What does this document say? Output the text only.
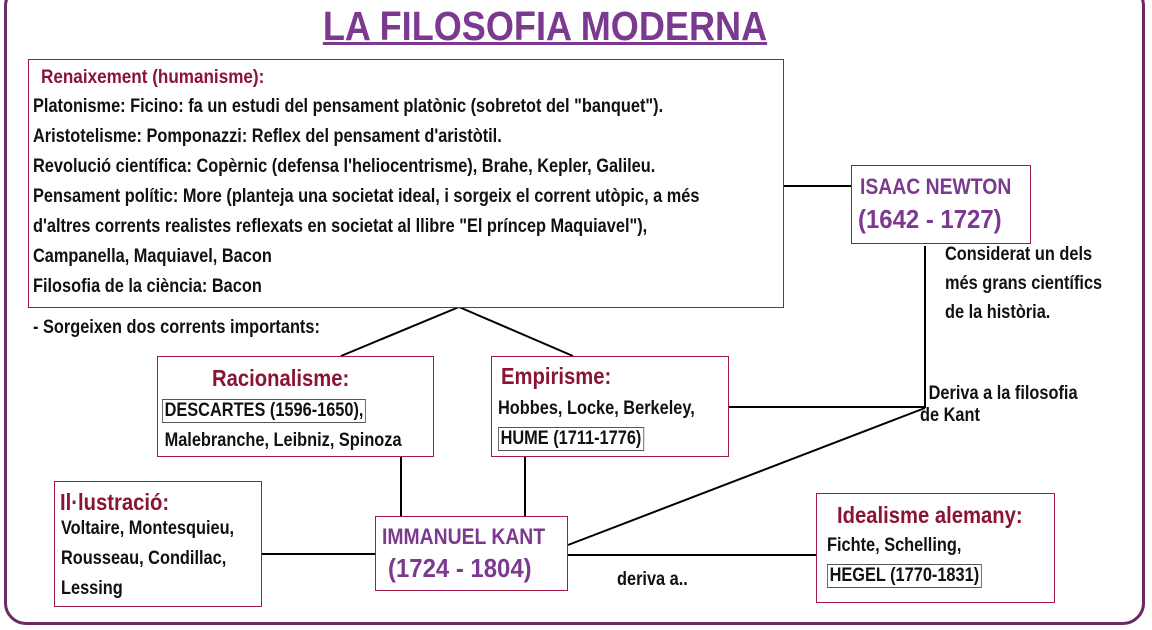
LA FILOSOFIA MODERNA
Renaixement (humanisme):
Platonisme: Ficino: fa un estudi del pensament platònic (sobretot del "banquet").
Aristotelisme: Pomponazzi: Reflex del pensament d'aristòtil.
Revolució científica: Copèrnic (defensa l'heliocentrisme), Brahe, Kepler, Galileu.
Pensament polític: More (planteja una societat ideal, i sorgeix el corrent utòpic, a més
d'altres corrents realistes reflexats en societat al llibre "El príncep Maquiavel"),
Campanella, Maquiavel, Bacon
Filosofia de la ciència: Bacon
- Sorgeixen dos corrents importants:
ISAAC NEWTON
(1642 - 1727)
Considerat un dels
més grans científics
de la història.
Deriva a la filosofia
de Kant
Racionalisme:
DESCARTES (1596-1650),
Malebranche, Leibniz, Spinoza
Empirisme:
Hobbes, Locke, Berkeley,
HUME (1711-1776)
Il·lustració:
Voltaire, Montesquieu,
Rousseau, Condillac,
Lessing
IMMANUEL KANT
(1724 - 1804)	deriva a..
Idealisme alemany:
Fichte, Schelling,
HEGEL (1770-1831)
